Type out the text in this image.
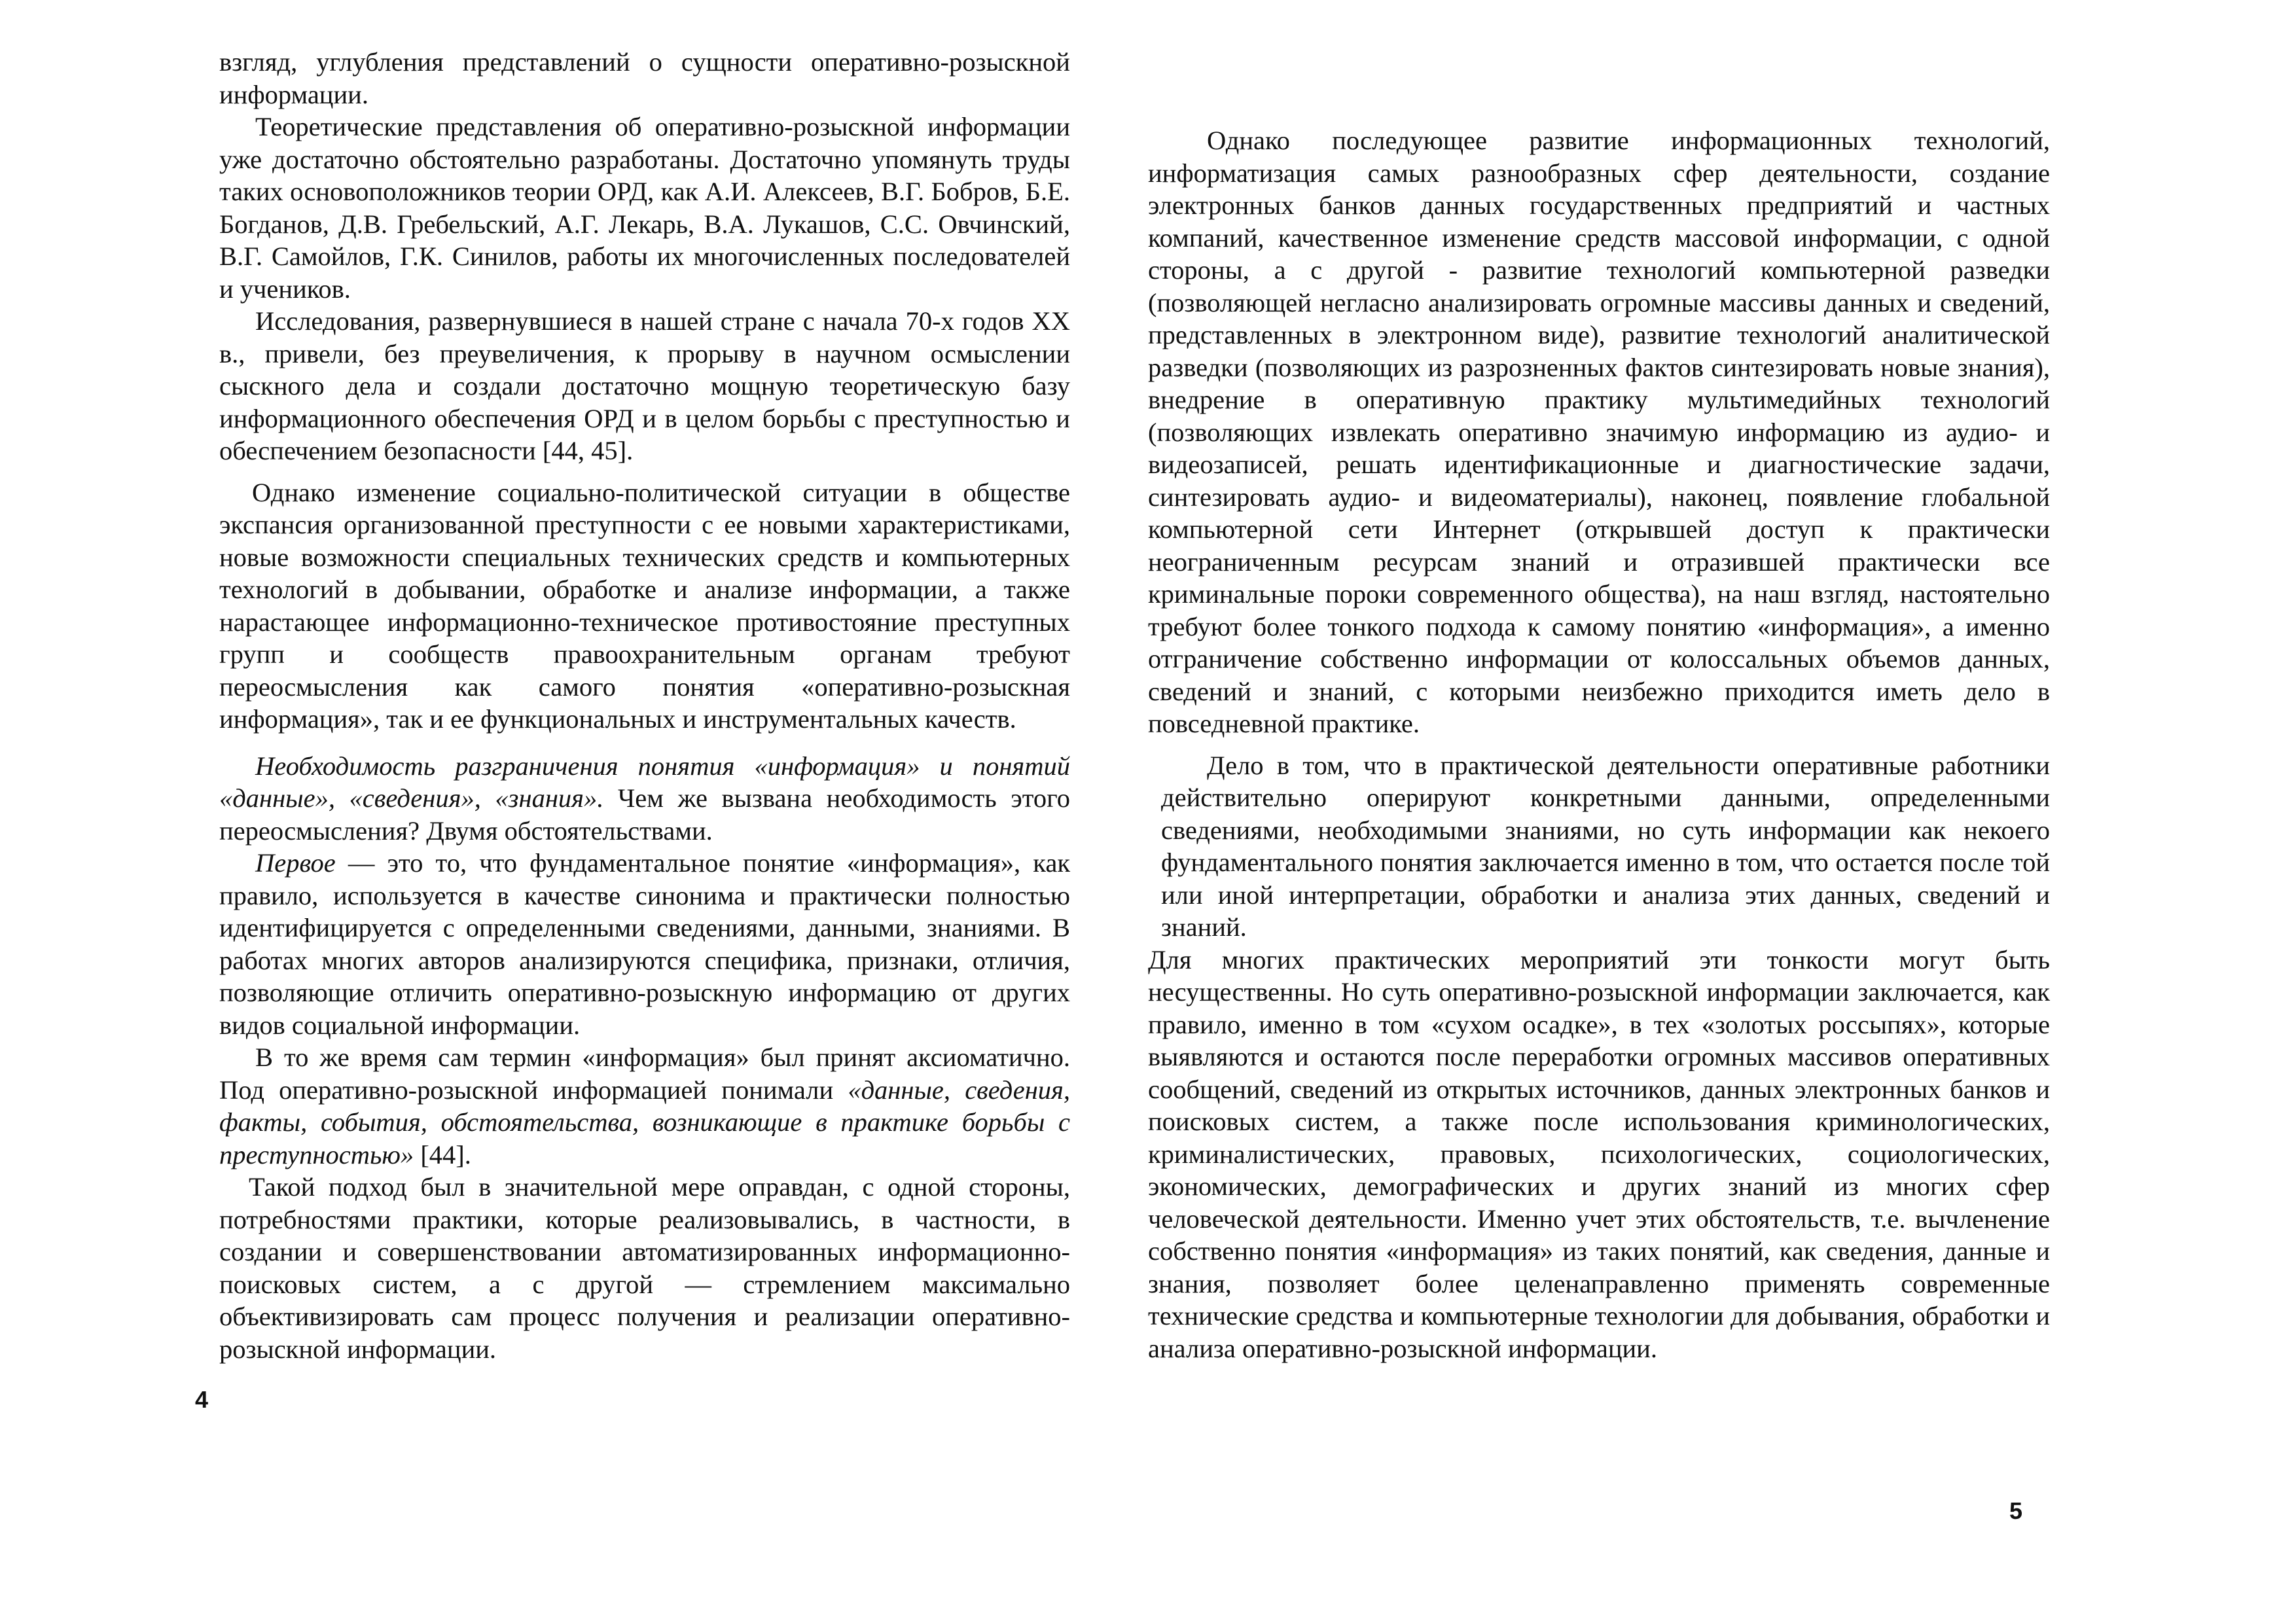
взгляд, углубления представлений о сущности оперативно-розыскной информации.

Теоретические представления об оперативно-розыскной информации уже достаточно обстоятельно разработаны. Достаточно упомянуть труды таких основоположников теории ОРД, как А.И. Алексеев, В.Г. Бобров, Б.Е. Богданов, Д.В. Гребельский, А.Г. Лекарь, В.А. Лукашов, С.С. Овчинский, В.Г. Самойлов, Г.К. Синилов, работы их многочисленных последователей и учеников.

Исследования, развернувшиеся в нашей стране с начала 70-х годов XX в., привели, без преувеличения, к прорыву в научном осмыслении сыскного дела и создали достаточно мощную теоретическую базу информационного обеспечения ОРД и в целом борьбы с преступностью и обеспечением безопасности [44, 45].

Однако изменение социально-политической ситуации в обществе экспансия организованной преступности с ее новыми характеристиками, новые возможности специальных технических средств и компьютерных технологий в добывании, обработке и анализе информации, а также нарастающее информационно-техническое противостояние преступных групп и сообществ правоохранительным органам требуют переосмысления как самого понятия «оперативно-розыскная информация», так и ее функциональных и инструментальных качеств.

Необходимость разграничения понятия «информация» и понятий «данные», «сведения», «знания». Чем же вызвана необходимость этого переосмысления? Двумя обстоятельствами.

Первое — это то, что фундаментальное понятие «информация», как правило, используется в качестве синонима и практически полностью идентифицируется с определенными сведениями, данными, знаниями. В работах многих авторов анализируются специфика, признаки, отличия, позволяющие отличить оперативно-розыскную информацию от других видов социальной информации.

В то же время сам термин «информация» был принят аксиоматично. Под оперативно-розыскной информацией понимали «данные, сведения, факты, события, обстоятельства, возникающие в практике борьбы с преступностью» [44].

Такой подход был в значительной мере оправдан, с одной стороны, потребностями практики, которые реализовывались, в частности, в создании и совершенствовании автоматизированных информационно-поисковых систем, а с другой — стремлением максимально объективизировать сам процесс получения и реализации оперативно-розыскной информации.

4

Однако последующее развитие информационных технологий, информатизация самых разнообразных сфер деятельности, создание электронных банков данных государственных предприятий и частных компаний, качественное изменение средств массовой информации, с одной стороны, а с другой - развитие технологий компьютерной разведки (позволяющей негласно анализировать огромные массивы данных и сведений, представленных в электронном виде), развитие технологий аналитической разведки (позволяющих из разрозненных фактов синтезировать новые знания), внедрение в оперативную практику мультимедийных технологий (позволяющих извлекать оперативно значимую информацию из аудио- и видеозаписей, решать идентификационные и диагностические задачи, синтезировать аудио- и видеоматериалы), наконец, появление глобальной компьютерной сети Интернет (открывшей доступ к практически неограниченным ресурсам знаний и отразившей практически все криминальные пороки современного общества), на наш взгляд, настоятельно требуют более тонкого подхода к самому понятию «информация», а именно отграничение собственно информации от колоссальных объемов данных, сведений и знаний, с которыми неизбежно приходится иметь дело в повседневной практике.

Дело в том, что в практической деятельности оперативные работники действительно оперируют конкретными данными, определенными сведениями, необходимыми знаниями, но суть информации как некоего фундаментального понятия заключается именно в том, что остается после той или иной интерпретации, обработки и анализа этих данных, сведений и знаний.

Для многих практических мероприятий эти тонкости могут быть несущественны. Но суть оперативно-розыскной информации заключается, как правило, именно в том «сухом осадке», в тех «золотых россыпях», которые выявляются и остаются после переработки огромных массивов оперативных сообщений, сведений из открытых источников, данных электронных банков и поисковых систем, а также после использования криминологических, криминалистических, правовых, психологических, социологических, экономических, демографических и других знаний из многих сфер человеческой деятельности. Именно учет этих обстоятельств, т.е. вычленение собственно понятия «информация» из таких понятий, как сведения, данные и знания, позволяет более целенаправленно применять современные технические средства и компьютерные технологии для добывания, обработки и анализа оперативно-розыскной информации.

5
